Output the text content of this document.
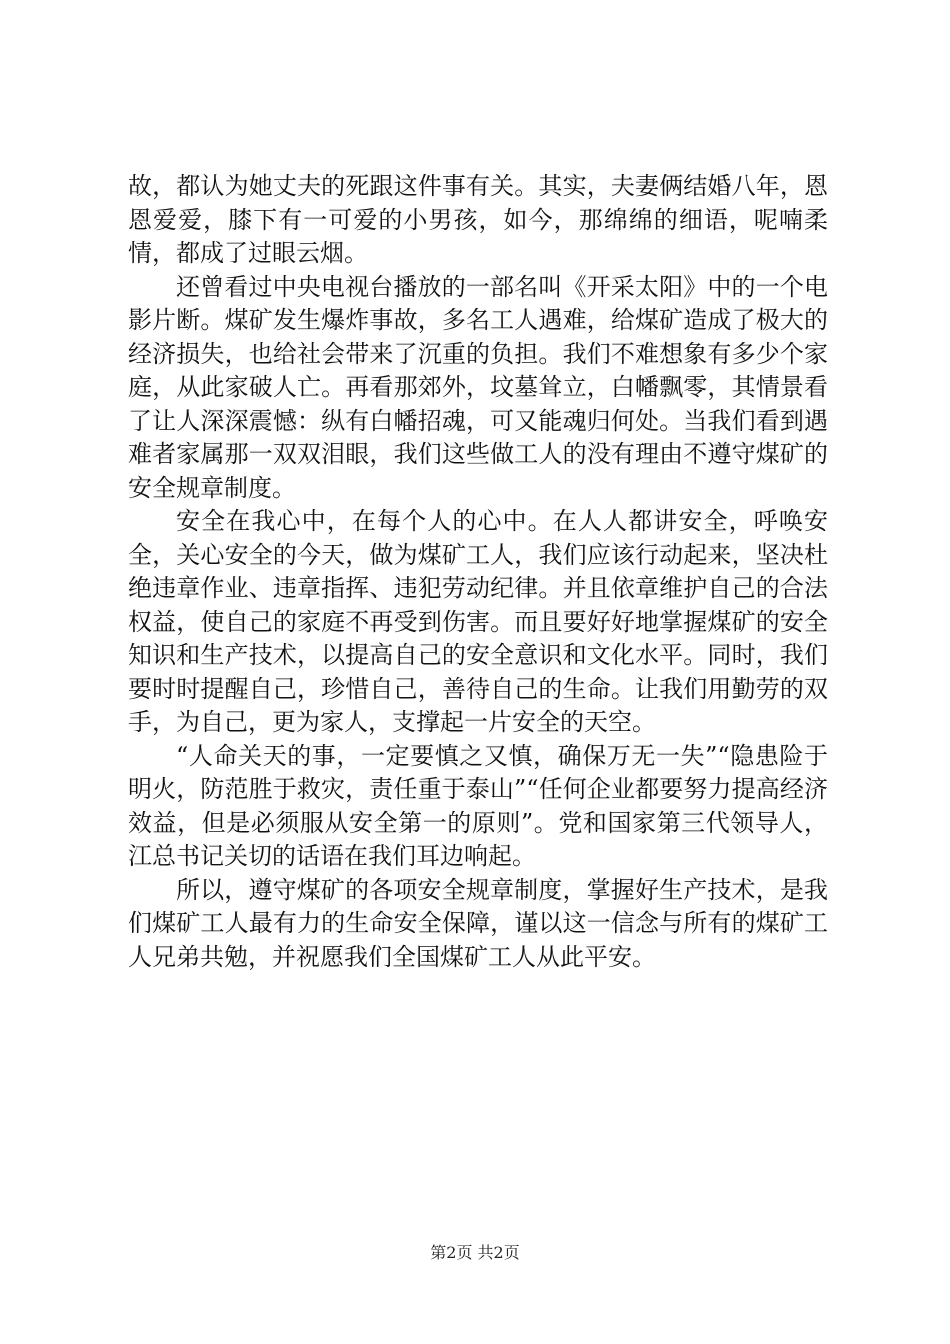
故，都认为她丈夫的死跟这件事有关。其实，夫妻俩结婚八年，恩恩爱爱，膝下有一可爱的小男孩，如今，那绵绵的细语，呢喃柔情，都成了过眼云烟。

还曾看过中央电视台播放的一部名叫《开采太阳》中的一个电影片断。煤矿发生爆炸事故，多名工人遇难，给煤矿造成了极大的经济损失，也给社会带来了沉重的负担。我们不难想象有多少个家庭，从此家破人亡。再看那郊外，坟墓耸立，白幡飘零，其情景看了让人深深震憾：纵有白幡招魂，可又能魂归何处。当我们看到遇难者家属那一双双泪眼，我们这些做工人的没有理由不遵守煤矿的安全规章制度。

安全在我心中，在每个人的心中。在人人都讲安全，呼唤安全，关心安全的今天，做为煤矿工人，我们应该行动起来，坚决杜绝违章作业、违章指挥、违犯劳动纪律。并且依章维护自己的合法权益，使自己的家庭不再受到伤害。而且要好好地掌握煤矿的安全知识和生产技术，以提高自己的安全意识和文化水平。同时，我们要时时提醒自己，珍惜自己，善待自己的生命。让我们用勤劳的双手，为自己，更为家人，支撑起一片安全的天空。

“人命关天的事，一定要慎之又慎，确保万无一失”“隐患险于明火，防范胜于救灾，责任重于泰山”“任何企业都要努力提高经济效益，但是必须服从安全第一的原则”。党和国家第三代领导人，江总书记关切的话语在我们耳边响起。

所以，遵守煤矿的各项安全规章制度，掌握好生产技术，是我们煤矿工人最有力的生命安全保障，谨以这一信念与所有的煤矿工人兄弟共勉，并祝愿我们全国煤矿工人从此平安。

第2页 共2页
